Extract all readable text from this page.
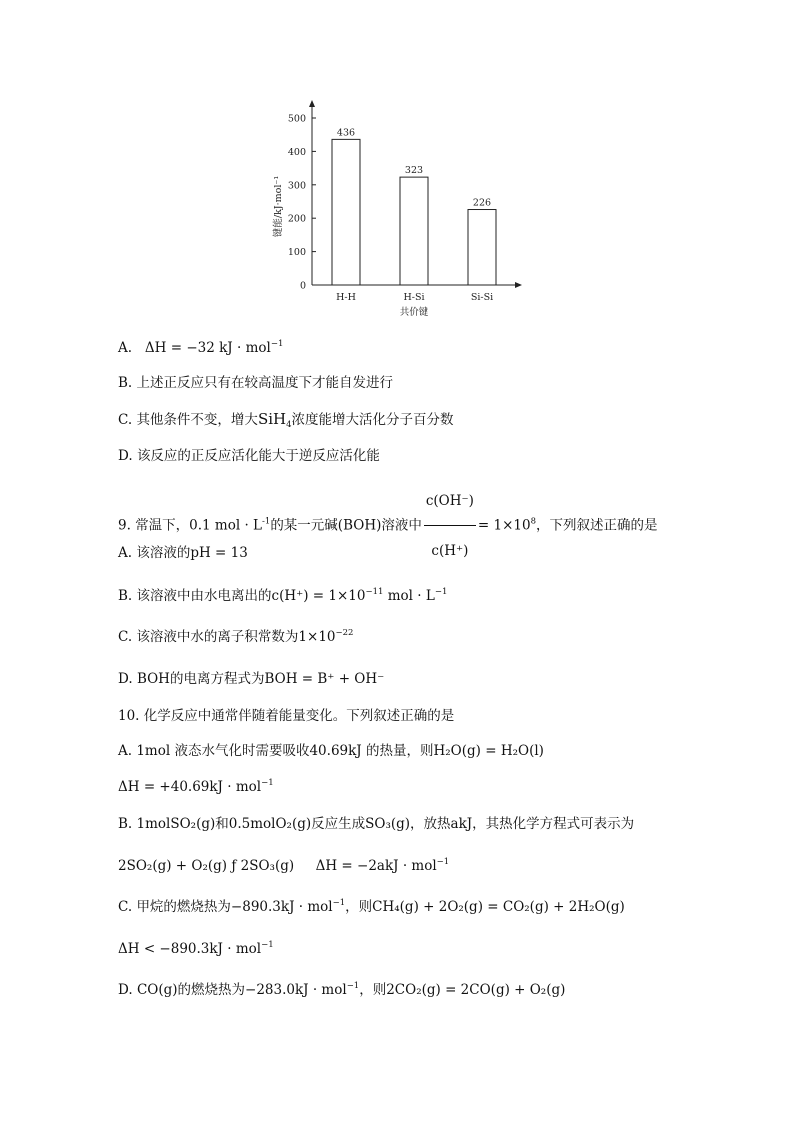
0
100
200
300
400
500
键能/kJ·mol⁻¹
436
H-H
323
H-Si
226
Si-Si
共价键
A. ΔH = −32 kJ · mol$^{-1}$
B. 上述正反应只有在较高温度下才能自发进行
C. 其他条件不变，增大SiH$_4$浓度能增大活化分子百分数
D. 该反应的正反应活化能大于逆反应活化能
9. 常温下，0.1 mol · $L^{-1}$的某一元碱(BOH)溶液中 $\frac{c(OH^-)}{c(H^+)} = 1\times 10^8$，下列叙述正确的是
A. 该溶液的pH = 13
B. 该溶液中由水电离出的$c(H^+) = 1\times 10^{-11}$ mol · $L^{-1}$
C. 该溶液中水的离子积常数为$1\times 10^{-22}$
D. BOH的电离方程式为BOH = B⁺ + OH⁻
10. 化学反应中通常伴随着能量变化。下列叙述正确的是
A. 1mol 液态水气化时需要吸收40.69kJ 的热量，则H₂O(g) = H₂O(l)
ΔH = +40.69kJ · mol$^{-1}$
B. 1molSO₂(g)和0.5molO₂(g)反应生成SO₃(g)，放热akJ，其热化学方程式可表示为
2SO₂(g) + O₂(g) ƒ 2SO₃(g) ΔH = −2akJ · mol$^{-1}$
C. 甲烷的燃烧热为−890.3kJ · mol$^{-1}$，则CH₄(g) + 2O₂(g) = CO₂(g) + 2H₂O(g)
ΔH < −890.3kJ · mol$^{-1}$
D. CO(g)的燃烧热为−283.0kJ · mol$^{-1}$，则2CO₂(g) = 2CO(g) + O₂(g)
